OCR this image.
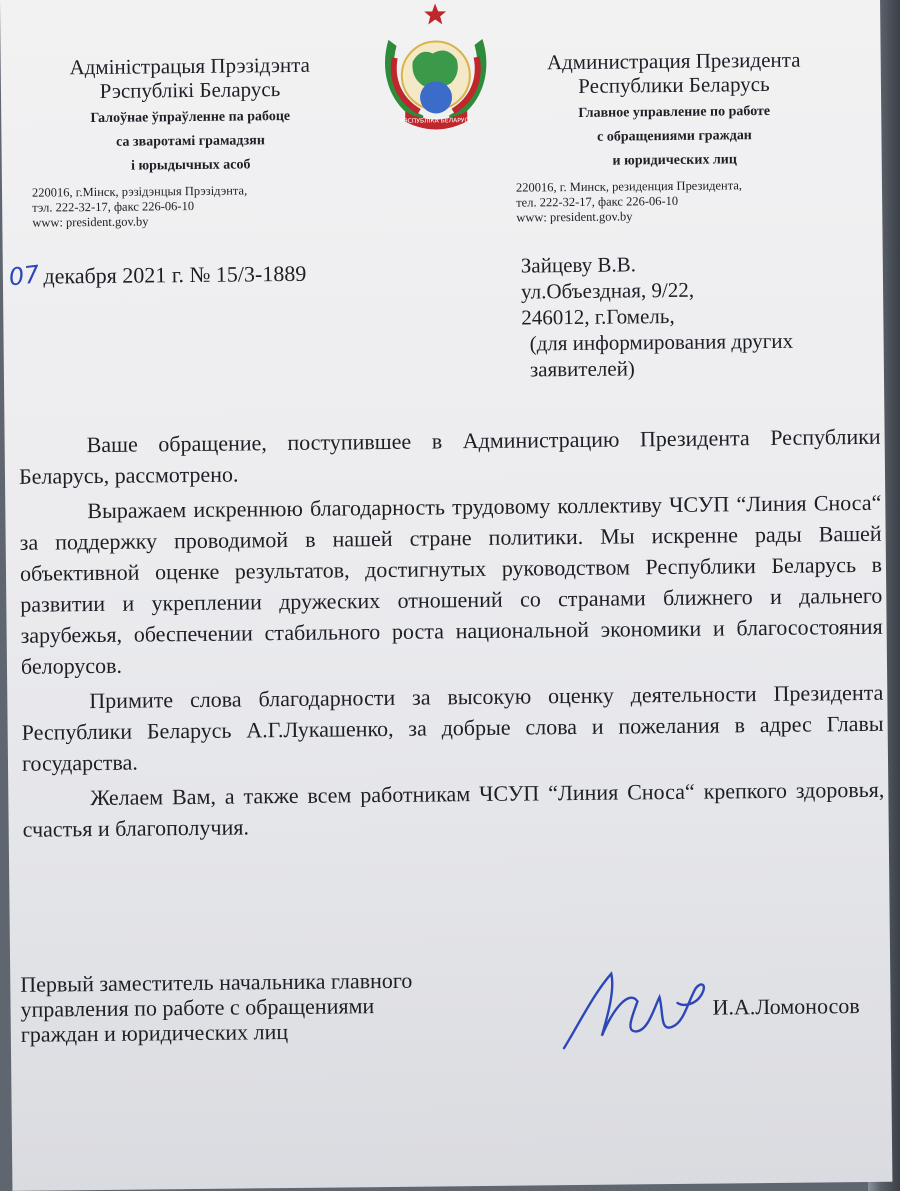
Адміністрацыя Прэзідэнта
Рэспублікі Беларусь
Галоўнае ўпраўленне па рабоце
са зваротамі грамадзян
і юрыдычных асоб
220016, г.Мінск, рэзідэнцыя Прэзідэнта,
тэл. 222-32-17, факс 226-06-10
www: president.gov.by
РЭСПУБЛІКА БЕЛАРУСЬ
Администрация Президента
Республики Беларусь
Главное управление по работе
с обращениями граждан
и юридических лиц
220016, г. Минск, резиденция Президента,
тел. 222-32-17, факс 226-06-10
www: president.gov.by
07 декабря 2021 г. № 15/3-1889	Зайцеву В.В.
ул.Объездная, 9/22,
246012, г.Гомель,
(для информирования других
заявителей)

Ваше обращение, поступившее в Администрацию Президента Республики Беларусь, рассмотрено.

Выражаем искреннюю благодарность трудовому коллективу ЧСУП “Линия Сноса“ за поддержку проводимой в нашей стране политики. Мы искренне рады Вашей объективной оценке результатов, достигнутых руководством Республики Беларусь в развитии и укреплении дружеских отношений со странами ближнего и дальнего зарубежья, обеспечении стабильного роста национальной экономики и благосостояния белорусов.

Примите слова благодарности за высокую оценку деятельности Президента Республики Беларусь А.Г.Лукашенко, за добрые слова и пожелания в адрес Главы государства.

Желаем Вам, а также всем работникам ЧСУП “Линия Сноса“ крепкого здоровья, счастья и благополучия.

Первый заместитель начальника главного
управления по работе с обращениями
граждан и юридических лиц
И.А.Ломоносов
